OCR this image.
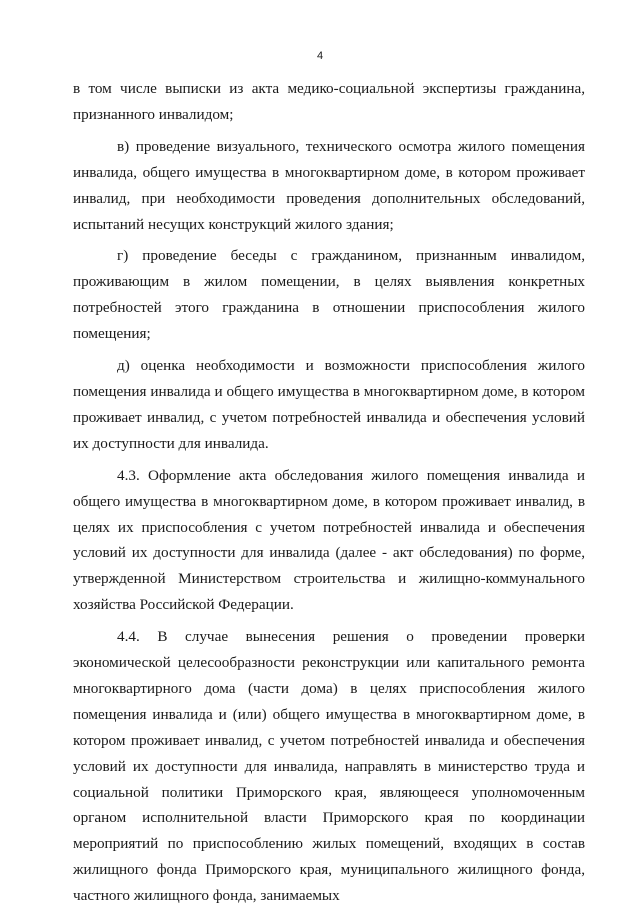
4

в том числе выписки из акта медико-социальной экспертизы гражданина, признанного инвалидом;

в) проведение визуального, технического осмотра жилого помещения инвалида, общего имущества в многоквартирном доме, в котором проживает инвалид, при необходимости проведения дополнительных обследований, испытаний несущих конструкций жилого здания;

г) проведение беседы с гражданином, признанным инвалидом, проживающим в жилом помещении, в целях выявления конкретных потребностей этого гражданина в отношении приспособления жилого помещения;

д) оценка необходимости и возможности приспособления жилого помещения инвалида и общего имущества в многоквартирном доме, в котором проживает инвалид, с учетом потребностей инвалида и обеспечения условий их доступности для инвалида.

4.3. Оформление акта обследования жилого помещения инвалида и общего имущества в многоквартирном доме, в котором проживает инвалид, в целях их приспособления с учетом потребностей инвалида и обеспечения условий их доступности для инвалида (далее - акт обследования) по форме, утвержденной Министерством строительства и жилищно-коммунального хозяйства Российской Федерации.

4.4. В случае вынесения решения о проведении проверки экономической целесообразности реконструкции или капитального ремонта многоквартирного дома (части дома) в целях приспособления жилого помещения инвалида и (или) общего имущества в многоквартирном доме, в котором проживает инвалид, с учетом потребностей инвалида и обеспечения условий их доступности для инвалида, направлять в министерство труда и социальной политики Приморского края, являющееся уполномоченным органом исполнительной власти Приморского края по координации мероприятий по приспособлению жилых помещений, входящих в состав жилищного фонда Приморского края, муниципального жилищного фонда, частного жилищного фонда, занимаемых
